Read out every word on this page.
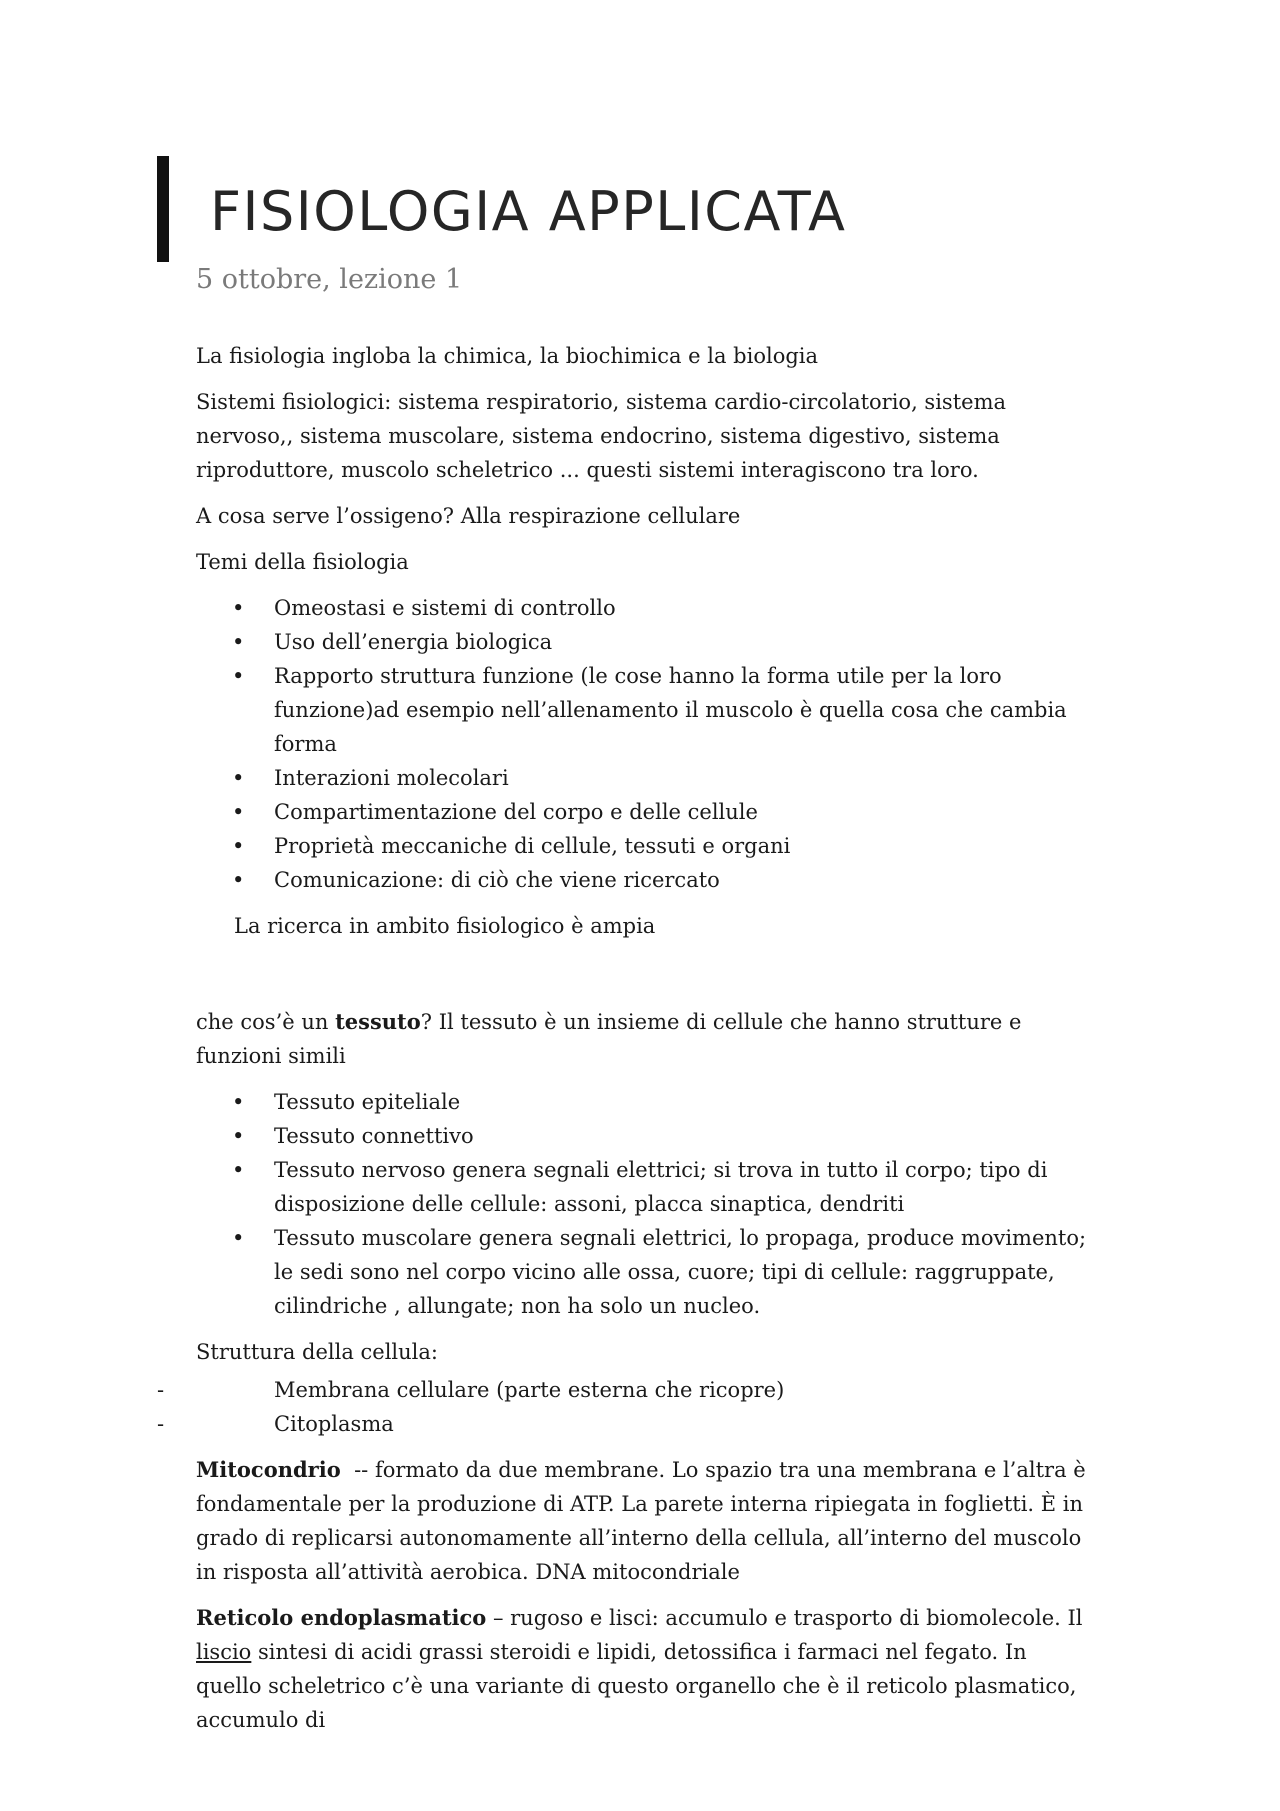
FISIOLOGIA APPLICATA

5 ottobre, lezione 1

La fisiologia ingloba la chimica, la biochimica e la biologia

Sistemi fisiologici: sistema respiratorio, sistema cardio-circolatorio, sistema nervoso,, sistema muscolare, sistema endocrino, sistema digestivo, sistema riproduttore, muscolo scheletrico ... questi sistemi interagiscono tra loro.

A cosa serve l’ossigeno? Alla respirazione cellulare

Temi della fisiologia

• Omeostasi e sistemi di controllo
• Uso dell’energia biologica
• Rapporto struttura funzione (le cose hanno la forma utile per la loro funzione)ad esempio nell’allenamento il muscolo è quella cosa che cambia forma
• Interazioni molecolari
• Compartimentazione del corpo e delle cellule
• Proprietà meccaniche di cellule, tessuti e organi
• Comunicazione: di ciò che viene ricercato

La ricerca in ambito fisiologico è ampia

che cos’è un tessuto? Il tessuto è un insieme di cellule che hanno strutture e funzioni simili

• Tessuto epiteliale
• Tessuto connettivo
• Tessuto nervoso genera segnali elettrici; si trova in tutto il corpo; tipo di disposizione delle cellule: assoni, placca sinaptica, dendriti
• Tessuto muscolare genera segnali elettrici, lo propaga, produce movimento; le sedi sono nel corpo vicino alle ossa, cuore; tipi di cellule: raggruppate, cilindriche , allungate; non ha solo un nucleo.

Struttura della cellula:

-	Membrana cellulare (parte esterna che ricopre)
-	Citoplasma

Mitocondrio  -- formato da due membrane. Lo spazio tra una membrana e l’altra è fondamentale per la produzione di ATP. La parete interna ripiegata in foglietti. È in grado di replicarsi autonomamente all’interno della cellula, all’interno del muscolo in risposta all’attività aerobica. DNA mitocondriale

Reticolo endoplasmatico – rugoso e lisci: accumulo e trasporto di biomolecole. Il liscio sintesi di acidi grassi steroidi e lipidi, detossifica i farmaci nel fegato. In quello scheletrico c’è una variante di questo organello che è il reticolo plasmatico, accumulo di
